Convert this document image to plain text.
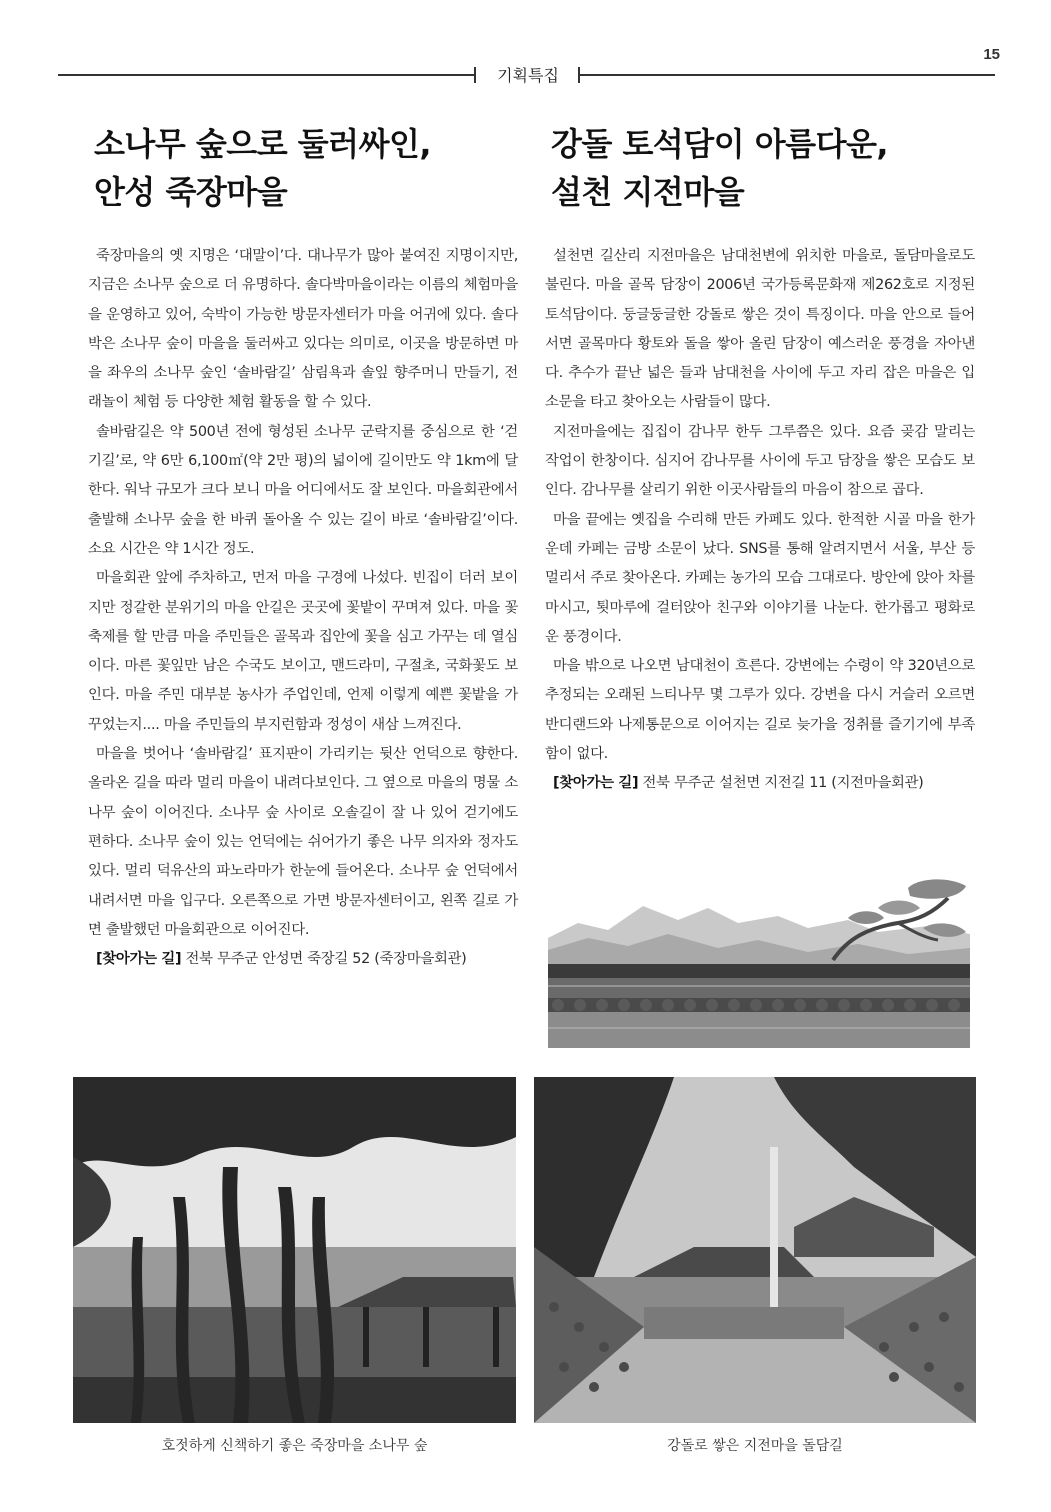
15
기획특집
소나무 숲으로 둘러싸인,
안성 죽장마을

죽장마을의 옛 지명은 ‘대말이’다. 대나무가 많아 붙여진 지명이지만, 지금은 소나무 숲으로 더 유명하다. 솔다박마을이라는 이름의 체험마을을 운영하고 있어, 숙박이 가능한 방문자센터가 마을 어귀에 있다. 솔다박은 소나무 숲이 마을을 둘러싸고 있다는 의미로, 이곳을 방문하면 마을 좌우의 소나무 숲인 ‘솔바람길’ 삼림욕과 솔잎 향주머니 만들기, 전래놀이 체험 등 다양한 체험 활동을 할 수 있다.

솔바람길은 약 500년 전에 형성된 소나무 군락지를 중심으로 한 ‘걷기길’로, 약 6만 6,100㎡(약 2만 평)의 넓이에 길이만도 약 1km에 달한다. 워낙 규모가 크다 보니 마을 어디에서도 잘 보인다. 마을회관에서 출발해 소나무 숲을 한 바퀴 돌아올 수 있는 길이 바로 ‘솔바람길’이다. 소요 시간은 약 1시간 정도.

마을회관 앞에 주차하고, 먼저 마을 구경에 나섰다. 빈집이 더러 보이지만 정갈한 분위기의 마을 안길은 곳곳에 꽃밭이 꾸며져 있다. 마을 꽃축제를 할 만큼 마을 주민들은 골목과 집안에 꽃을 심고 가꾸는 데 열심이다. 마른 꽃잎만 남은 수국도 보이고, 맨드라미, 구절초, 국화꽃도 보인다. 마을 주민 대부분 농사가 주업인데, 언제 이렇게 예쁜 꽃밭을 가꾸었는지.... 마을 주민들의 부지런함과 정성이 새삼 느껴진다.

마을을 벗어나 ‘솔바람길’ 표지판이 가리키는 뒷산 언덕으로 향한다. 올라온 길을 따라 멀리 마을이 내려다보인다. 그 옆으로 마을의 명물 소나무 숲이 이어진다. 소나무 숲 사이로 오솔길이 잘 나 있어 걷기에도 편하다. 소나무 숲이 있는 언덕에는 쉬어가기 좋은 나무 의자와 정자도 있다. 멀리 덕유산의 파노라마가 한눈에 들어온다. 소나무 숲 언덕에서 내려서면 마을 입구다. 오른쪽으로 가면 방문자센터이고, 왼쪽 길로 가면 출발했던 마을회관으로 이어진다.

[찾아가는 길] 전북 무주군 안성면 죽장길 52 (죽장마을회관)

강돌 토석담이 아름다운,
설천 지전마을

설천면 길산리 지전마을은 남대천변에 위치한 마을로, 돌담마을로도 불린다. 마을 골목 담장이 2006년 국가등록문화재 제262호로 지정된 토석담이다. 둥글둥글한 강돌로 쌓은 것이 특징이다. 마을 안으로 들어서면 골목마다 황토와 돌을 쌓아 올린 담장이 예스러운 풍경을 자아낸다. 추수가 끝난 넓은 들과 남대천을 사이에 두고 자리 잡은 마을은 입소문을 타고 찾아오는 사람들이 많다.

지전마을에는 집집이 감나무 한두 그루쯤은 있다. 요즘 곶감 말리는 작업이 한창이다. 심지어 감나무를 사이에 두고 담장을 쌓은 모습도 보인다. 감나무를 살리기 위한 이곳사람들의 마음이 참으로 곱다.

마을 끝에는 옛집을 수리해 만든 카페도 있다. 한적한 시골 마을 한가운데 카페는 금방 소문이 났다. SNS를 통해 알려지면서 서울, 부산 등 멀리서 주로 찾아온다. 카페는 농가의 모습 그대로다. 방안에 앉아 차를 마시고, 툇마루에 걸터앉아 친구와 이야기를 나눈다. 한가롭고 평화로운 풍경이다.

마을 밖으로 나오면 남대천이 흐른다. 강변에는 수령이 약 320년으로 추정되는 오래된 느티나무 몇 그루가 있다. 강변을 다시 거슬러 오르면 반디랜드와 나제통문으로 이어지는 길로 늦가을 정취를 즐기기에 부족함이 없다.

[찾아가는 길] 전북 무주군 설천면 지전길 11 (지전마을회관)

호젓하게 신책하기 좋은 죽장마을 소나무 숲	강돌로 쌓은 지전마을 돌담길
